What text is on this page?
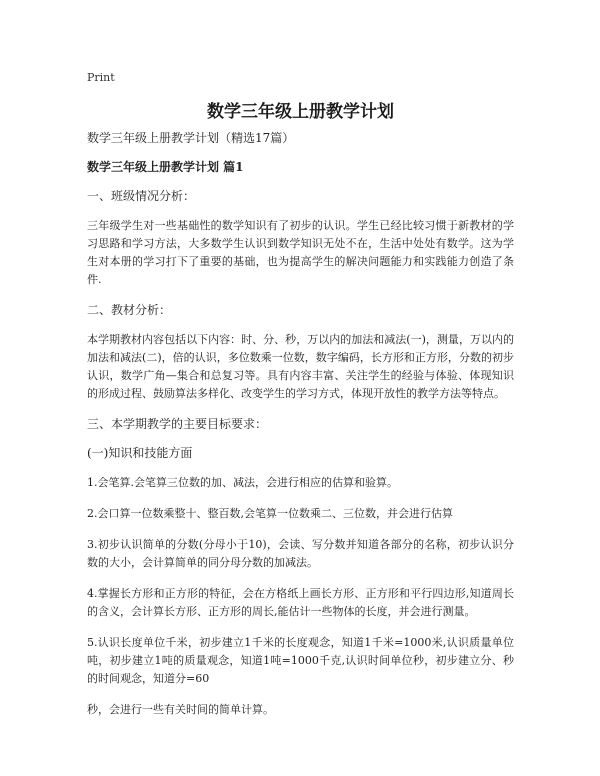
Print
数学三年级上册教学计划
数学三年级上册教学计划（精选17篇）
数学三年级上册教学计划 篇1
一、班级情况分析：
三年级学生对一些基础性的数学知识有了初步的认识。学生已经比较习惯于新教材的学习思路和学习方法，大多数学生认识到数学知识无处不在，生活中处处有数学。这为学生对本册的学习打下了重要的基础，也为提高学生的解决问题能力和实践能力创造了条件.
二、教材分析：
本学期教材内容包括以下内容：时、分、秒，万以内的加法和减法(一)，测量，万以内的加法和减法(二)，倍的认识，多位数乘一位数，数字编码，长方形和正方形，分数的初步认识，数学广角—集合和总复习等。具有内容丰富、关注学生的经验与体验、体现知识的形成过程、鼓励算法多样化、改变学生的学习方式，体现开放性的教学方法等特点。
三、本学期教学的主要目标要求：
(一)知识和技能方面
1.会笔算.会笔算三位数的加、减法，会进行相应的估算和验算。
2.会口算一位数乘整十、整百数,会笔算一位数乘二、三位数，并会进行估算
3.初步认识简单的分数(分母小于10)，会读、写分数并知道各部分的名称，初步认识分数的大小，会计算简单的同分母分数的加减法。
4.掌握长方形和正方形的特征，会在方格纸上画长方形、正方形和平行四边形,知道周长的含义，会计算长方形、正方形的周长,能估计一些物体的长度，并会进行测量。
5.认识长度单位千米，初步建立1千米的长度观念，知道1千米=1000米,认识质量单位吨，初步建立1吨的质量观念，知道1吨=1000千克,认识时间单位秒，初步建立分、秒的时间观念，知道分=60
秒，会进行一些有关时间的简单计算。
